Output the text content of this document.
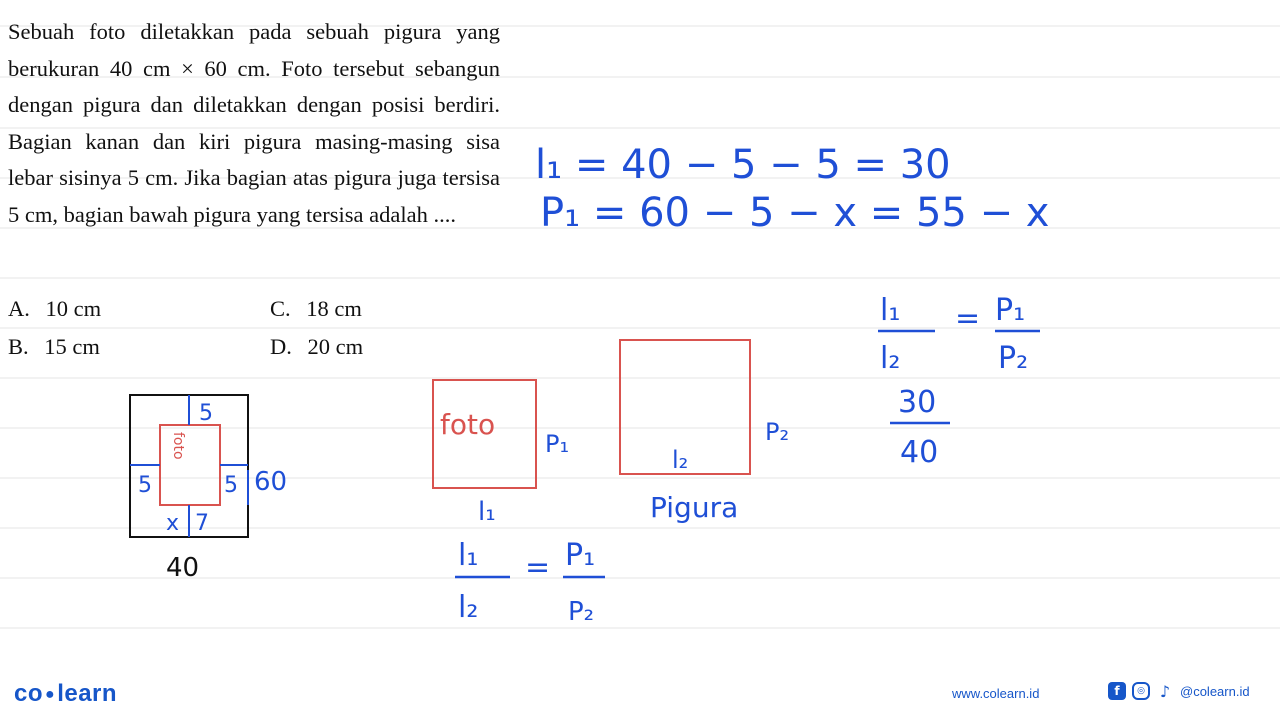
Sebuah foto diletakkan pada sebuah pigura yang berukuran 40 cm × 60 cm. Foto tersebut sebangun dengan pigura dan diletakkan dengan posisi berdiri. Bagian kanan dan kiri pigura masing-masing sisa lebar sisinya 5 cm. Jika bagian atas pigura juga tersisa 5 cm, bagian bawah pigura yang tersisa adalah ....
A. 10 cm	C. 18 cm
B. 15 cm	D. 20 cm
l₁ = 40 − 5 − 5 = 30
P₁ = 60 − 5 − x = 55 − x
l₁
l₂
= P₁
P₂
30
40
5
5	5 60
foto
x 7
40
foto
P₁
l₁
P₂
l₂
Pigura
l₁
l₂
= P₁
P₂
co ●learn	www.colearn.id	f	◎ ♪ @colearn.id
